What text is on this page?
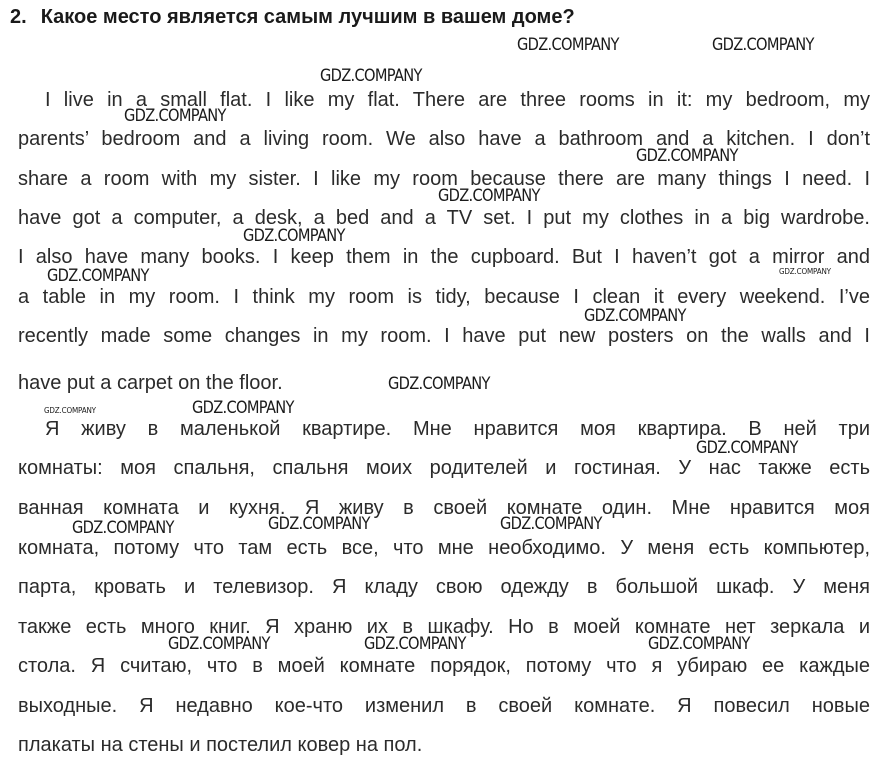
2. Какое место является самым лучшим в вашем доме?
I live in a small flat. I like my flat. There are three rooms in it: my bedroom, my
parents’ bedroom and a living room. We also have a bathroom and a kitchen. I don’t
share a room with my sister. I like my room because there are many things I need. I
have got a computer, a desk, a bed and a TV set. I put my clothes in a big wardrobe.
I also have many books. I keep them in the cupboard. But I haven’t got a mirror and
a table in my room. I think my room is tidy, because I clean it every weekend. I’ve
recently made some changes in my room. I have put new posters on the walls and I
have put a carpet on the floor.
Я живу в маленькой квартире. Мне нравится моя квартира. В ней три
комнаты: моя спальня, спальня моих родителей и гостиная. У нас также есть
ванная комната и кухня. Я живу в своей комнате один. Мне нравится моя
комната, потому что там есть все, что мне необходимо. У меня есть компьютер,
парта, кровать и телевизор. Я кладу свою одежду в большой шкаф. У меня
также есть много книг. Я храню их в шкафу. Но в моей комнате нет зеркала и
стола. Я считаю, что в моей комнате порядок, потому что я убираю ее каждые
выходные. Я недавно кое-что изменил в своей комнате. Я повесил новые
плакаты на стены и постелил ковер на пол.
GDZ.COMPANY	GDZ.COMPANY
GDZ.COMPANY
GDZ.COMPANY
GDZ.COMPANY
GDZ.COMPANY
GDZ.COMPANY
GDZ.COMPANY	GDZ.COMPANY
GDZ.COMPANY
GDZ.COMPANY
GDZ.COMPANY	GDZ.COMPANY
GDZ.COMPANY
GDZ.COMPANY	GDZ.COMPANY	GDZ.COMPANY
GDZ.COMPANY	GDZ.COMPANY	GDZ.COMPANY
